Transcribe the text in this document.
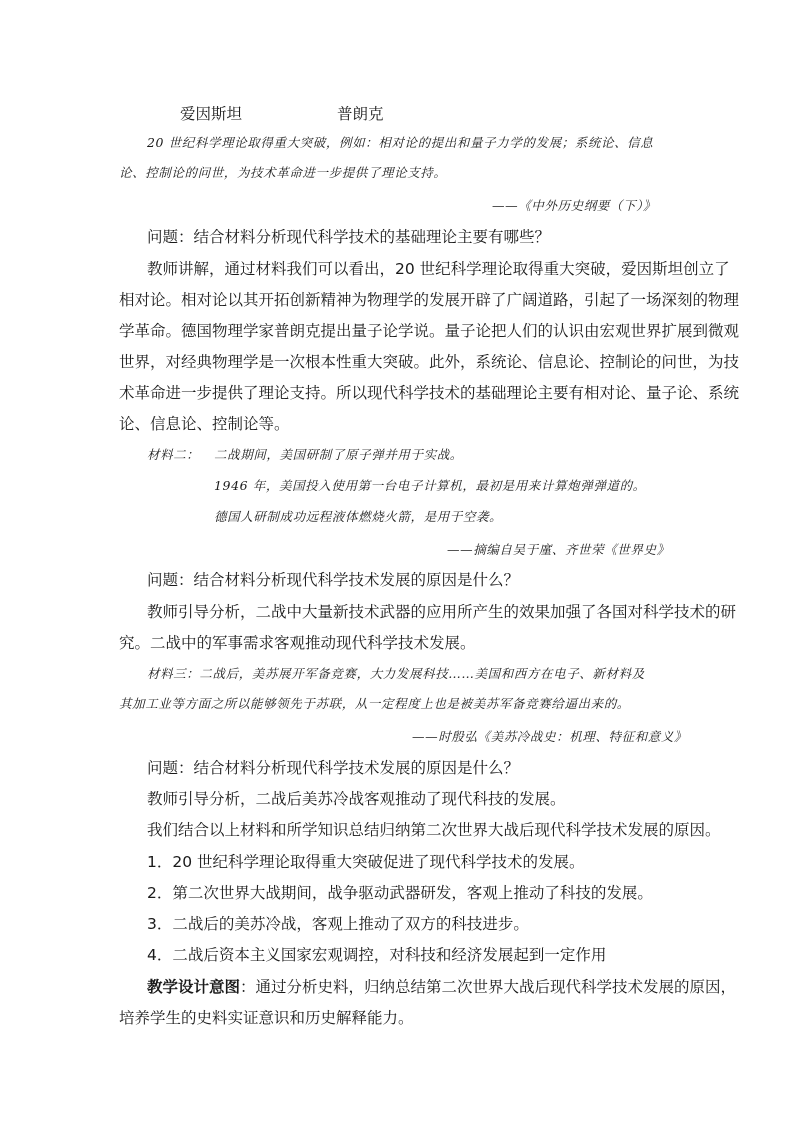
爱因斯坦	普朗克

20 世纪科学理论取得重大突破，例如：相对论的提出和量子力学的发展；系统论、信息

论、控制论的问世，为技术革命进一步提供了理论支持。

——《中外历史纲要（下）》

问题：结合材料分析现代科学技术的基础理论主要有哪些？

教师讲解，通过材料我们可以看出，20 世纪科学理论取得重大突破，爱因斯坦创立了

相对论。相对论以其开拓创新精神为物理学的发展开辟了广阔道路，引起了一场深刻的物理

学革命。德国物理学家普朗克提出量子论学说。量子论把人们的认识由宏观世界扩展到微观

世界，对经典物理学是一次根本性重大突破。此外，系统论、信息论、控制论的问世，为技

术革命进一步提供了理论支持。所以现代科学技术的基础理论主要有相对论、量子论、系统

论、信息论、控制论等。

材料二： 二战期间，美国研制了原子弹并用于实战。

1946 年，美国投入使用第一台电子计算机，最初是用来计算炮弹弹道的。

德国人研制成功远程液体燃烧火箭，是用于空袭。

——摘编自吴于廑、齐世荣《世界史》

问题：结合材料分析现代科学技术发展的原因是什么？

教师引导分析，二战中大量新技术武器的应用所产生的效果加强了各国对科学技术的研

究。二战中的军事需求客观推动现代科学技术发展。

材料三：二战后，美苏展开军备竞赛，大力发展科技……美国和西方在电子、新材料及

其加工业等方面之所以能够领先于苏联，从一定程度上也是被美苏军备竞赛给逼出来的。

——时殷弘《美苏冷战史：机理、特征和意义》

问题：结合材料分析现代科学技术发展的原因是什么？

教师引导分析，二战后美苏冷战客观推动了现代科技的发展。

我们结合以上材料和所学知识总结归纳第二次世界大战后现代科学技术发展的原因。

1．20 世纪科学理论取得重大突破促进了现代科学技术的发展。

2．第二次世界大战期间，战争驱动武器研发，客观上推动了科技的发展。

3．二战后的美苏冷战，客观上推动了双方的科技进步。

4．二战后资本主义国家宏观调控，对科技和经济发展起到一定作用

教学设计意图：通过分析史料，归纳总结第二次世界大战后现代科学技术发展的原因，

培养学生的史料实证意识和历史解释能力。
